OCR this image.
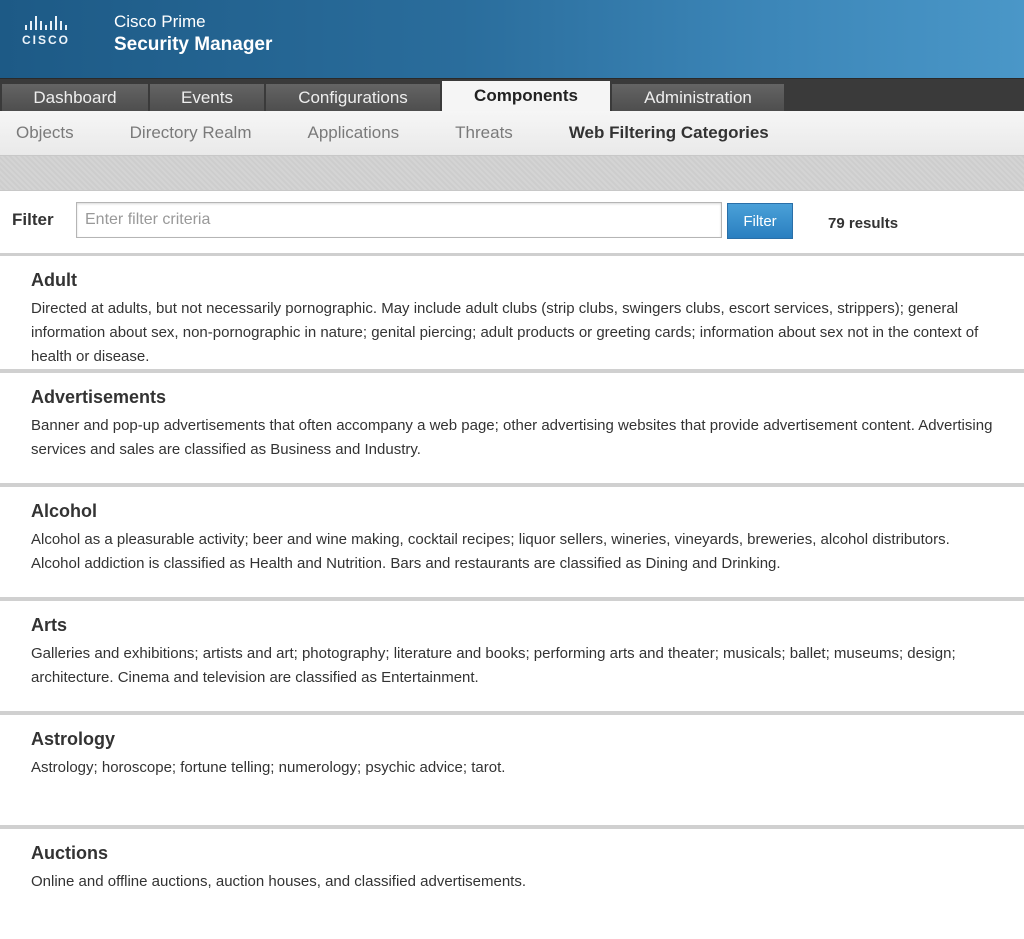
CISCO
Cisco Prime
Security Manager
Dashboard	Events	Configurations	Components	Administration
Objects	Directory Realm	Applications	Threats	Web Filtering Categories
Filter
Enter filter criteria	Filter	79 results
Adult

Directed at adults, but not necessarily pornographic. May include adult clubs (strip clubs, swingers clubs, escort services, strippers); general information about sex, non-pornographic in nature; genital piercing; adult products or greeting cards; information about sex not in the context of health or disease.

Advertisements

Banner and pop-up advertisements that often accompany a web page; other advertising websites that provide advertisement content. Advertising services and sales are classified as Business and Industry.

Alcohol

Alcohol as a pleasurable activity; beer and wine making, cocktail recipes; liquor sellers, wineries, vineyards, breweries, alcohol distributors. Alcohol addiction is classified as Health and Nutrition. Bars and restaurants are classified as Dining and Drinking.

Arts

Galleries and exhibitions; artists and art; photography; literature and books; performing arts and theater; musicals; ballet; museums; design; architecture. Cinema and television are classified as Entertainment.

Astrology

Astrology; horoscope; fortune telling; numerology; psychic advice; tarot.

Auctions

Online and offline auctions, auction houses, and classified advertisements.
